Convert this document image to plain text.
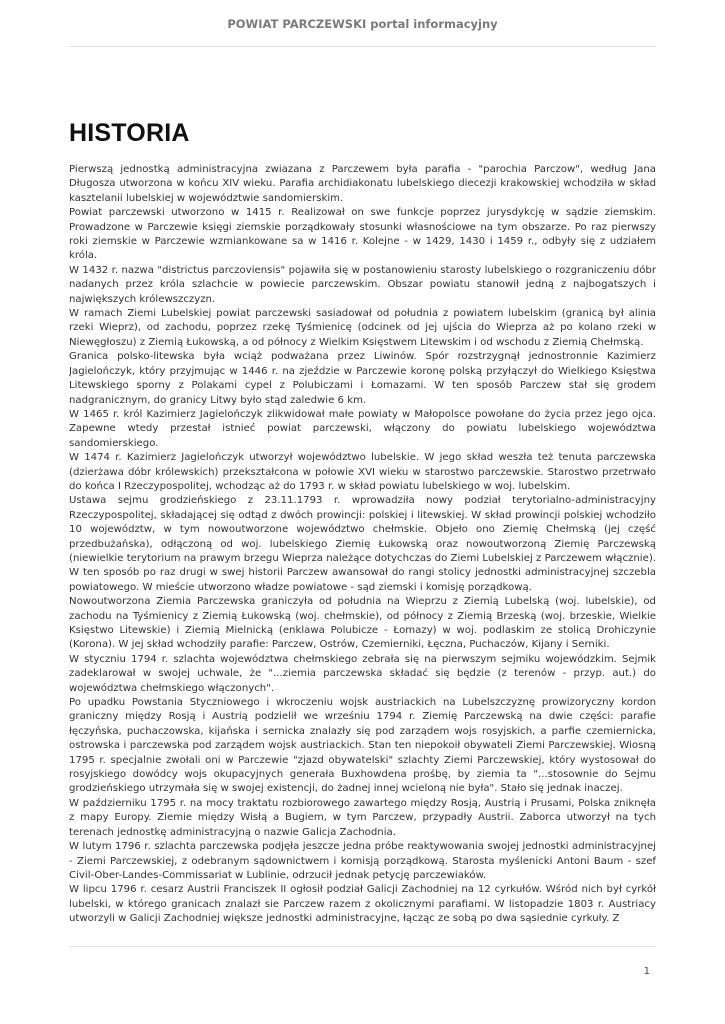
POWIAT PARCZEWSKI portal informacyjny
HISTORIA

Pierwszą jednostką administracyjna zwiazana z Parczewem była parafia - "parochia Parczow", według Jana Długosza utworzona w końcu XIV wieku. Parafia archidiakonatu lubelskiego diecezji krakowskiej wchodziła w skład kasztelanii lubelskiej w województwie sandomierskim.

Powiat parczewski utworzono w 1415 r. Realizował on swe funkcje poprzez jurysdykcję w sądzie ziemskim. Prowadzone w Parczewie księgi ziemskie porządkowały stosunki własnościowe na tym obszarze. Po raz pierwszy roki ziemskie w Parczewie wzmiankowane sa w 1416 r. Kolejne - w 1429, 1430 i 1459 r., odbyły się z udziałem króla.

W 1432 r. nazwa "districtus parczoviensis" pojawiła się w postanowieniu starosty lubelskiego o rozgraniczeniu dóbr nadanych przez króla szlachcie w powiecie parczewskim. Obszar powiatu stanowił jedną z najbogatszych i największych królewszczyzn.

W ramach Ziemi Lubelskiej powiat parczewski sasiadował od południa z powiatem lubelskim (granicą był alinia rzeki Wieprz), od zachodu, poprzez rzekę Tyśmienicę (odcinek od jej ujścia do Wieprza aż po kolano rzeki w Niewęgłoszu) z Ziemią Łukowską, a od północy z Wielkim Księstwem Litewskim i od wschodu z Ziemią Chełmską.

Granica polsko-litewska była wciąż podważana przez Liwinów. Spór rozstrzygnął jednostronnie Kazimierz Jagielończyk, który przyjmując w 1446 r. na zjeździe w Parczewie koronę polską przyłączył do Wielkiego Księstwa Litewskiego sporny z Polakami cypel z Polubiczami i Łomazami. W ten sposób Parczew stał się grodem nadgranicznym, do granicy Litwy było stąd zaledwie 6 km.

W 1465 r. król Kazimierz Jagielończyk zlikwidował małe powiaty w Małopolsce powołane do życia przez jego ojca. Zapewne wtedy przestał istnieć powiat parczewski, włączony do powiatu lubelskiego województwa sandomierskiego.

W 1474 r. Kazimierz Jagielończyk utworzył województwo lubelskie. W jego skład weszła też tenuta parczewska (dzierżawa dóbr królewskich) przekształcona w połowie XVI wieku w starostwo parczewskie. Starostwo przetrwało do końca I Rzeczypospolitej, wchodząc aż do 1793 r. w skład powiatu lubelskiego w woj. lubelskim.

Ustawa sejmu grodzieńskiego z 23.11.1793 r. wprowadziła nowy podział terytorialno-administracyjny Rzeczypospolitej, składającej się odtąd z dwóch prowincji: polskiej i litewskiej. W skład prowincji polskiej wchodziło 10 województw, w tym nowoutworzone województwo chełmskie. Objeło ono Ziemię Chełmską (jej część przedbużańska), odłączoną od woj. lubelskiego Ziemię Łukowską oraz nowoutworzoną Ziemię Parczewską (niewielkie terytorium na prawym brzegu Wieprza należące dotychczas do Ziemi Lubelskiej z Parczewem włącznie). W ten sposób po raz drugi w swej historii Parczew awansował do rangi stolicy jednostki administracyjnej szczebla powiatowego. W mieście utworzono władze powiatowe - sąd ziemski i komisję porządkową.

Nowoutworzona Ziemia Parczewska graniczyła od południa na Wieprzu z Ziemią Lubelską (woj. lubelskie), od zachodu na Tyśmienicy z Ziemią Łukowską (woj. chełmskie), od północy z Ziemią Brzeską (woj. brzeskie, Wielkie Księstwo Litewskie) i Ziemią Mielnicką (enklawa Polubicze - Łomazy) w woj. podlaskim ze stolicą Drohiczynie (Korona). W jej skład wchodziły parafie: Parczew, Ostrów, Czemierniki, Łęczna, Puchaczów, Kijany i Serniki.

W styczniu 1794 r. szlachta województwa chełmskiego zebrała się na pierwszym sejmiku wojewódzkim. Sejmik zadeklarował w swojej uchwale, że "...ziemia parczewska składać się będzie (z terenów - przyp. aut.) do województwa chełmskiego włączonych".

Po upadku Powstania Styczniowego i wkroczeniu wojsk austriackich na Lubelszczyznę prowizoryczny kordon graniczny między Rosją i Austrią podzielił we wrześniu 1794 r. Ziemię Parczewską na dwie części: parafie łęczyńska, puchaczowska, kijańska i sernicka znalazły się pod zarządem wojs rosyjskich, a parfie czemiernicka, ostrowska i parczewska pod zarządem wojsk austriackich. Stan ten niepokoił obywateli Ziemi Parczewskiej. Wiosną 1795 r. specjalnie zwołali oni w Parczewie "zjazd obywatelski" szlachty Ziemi Parczewskiej, który wystosował do rosyjskiego dowódcy wojs okupacyjnych generała Buxhowdena prośbę, by ziemia ta "...stosownie do Sejmu grodzieńskiego utrzymała się w swojej existencji, do żadnej innej wcieloną nie była". Stało się jednak inaczej.

W październiku 1795 r. na mocy traktatu rozbiorowego zawartego między Rosją, Austrią i Prusami, Polska zniknęła z mapy Europy. Ziemie między Wisłą a Bugiem, w tym Parczew, przypadły Austrii. Zaborca utworzył na tych terenach jednostkę administracyjną o nazwie Galicja Zachodnia.

W lutym 1796 r. szlachta parczewska podjęła jeszcze jedna próbe reaktywowania swojej jednostki administracyjnej - Ziemi Parczewskiej, z odebranym sądownictwem i komisją porządkową. Starosta myślenicki Antoni Baum - szef Civil-Ober-Landes-Commissariat w Lublinie, odrzucił jednak petycję parczewiaków.

W lipcu 1796 r. cesarz Austrii Franciszek II ogłosił podział Galicji Zachodniej na 12 cyrkułów. Wśród nich był cyrkół lubelski, w którego granicach znalazł sie Parczew razem z okolicznymi parafiami. W listopadzie 1803 r. Austriacy utworzyli w Galicji Zachodniej większe jednostki administracyjne, łącząc ze sobą po dwa sąsiednie cyrkuły. Z

1
